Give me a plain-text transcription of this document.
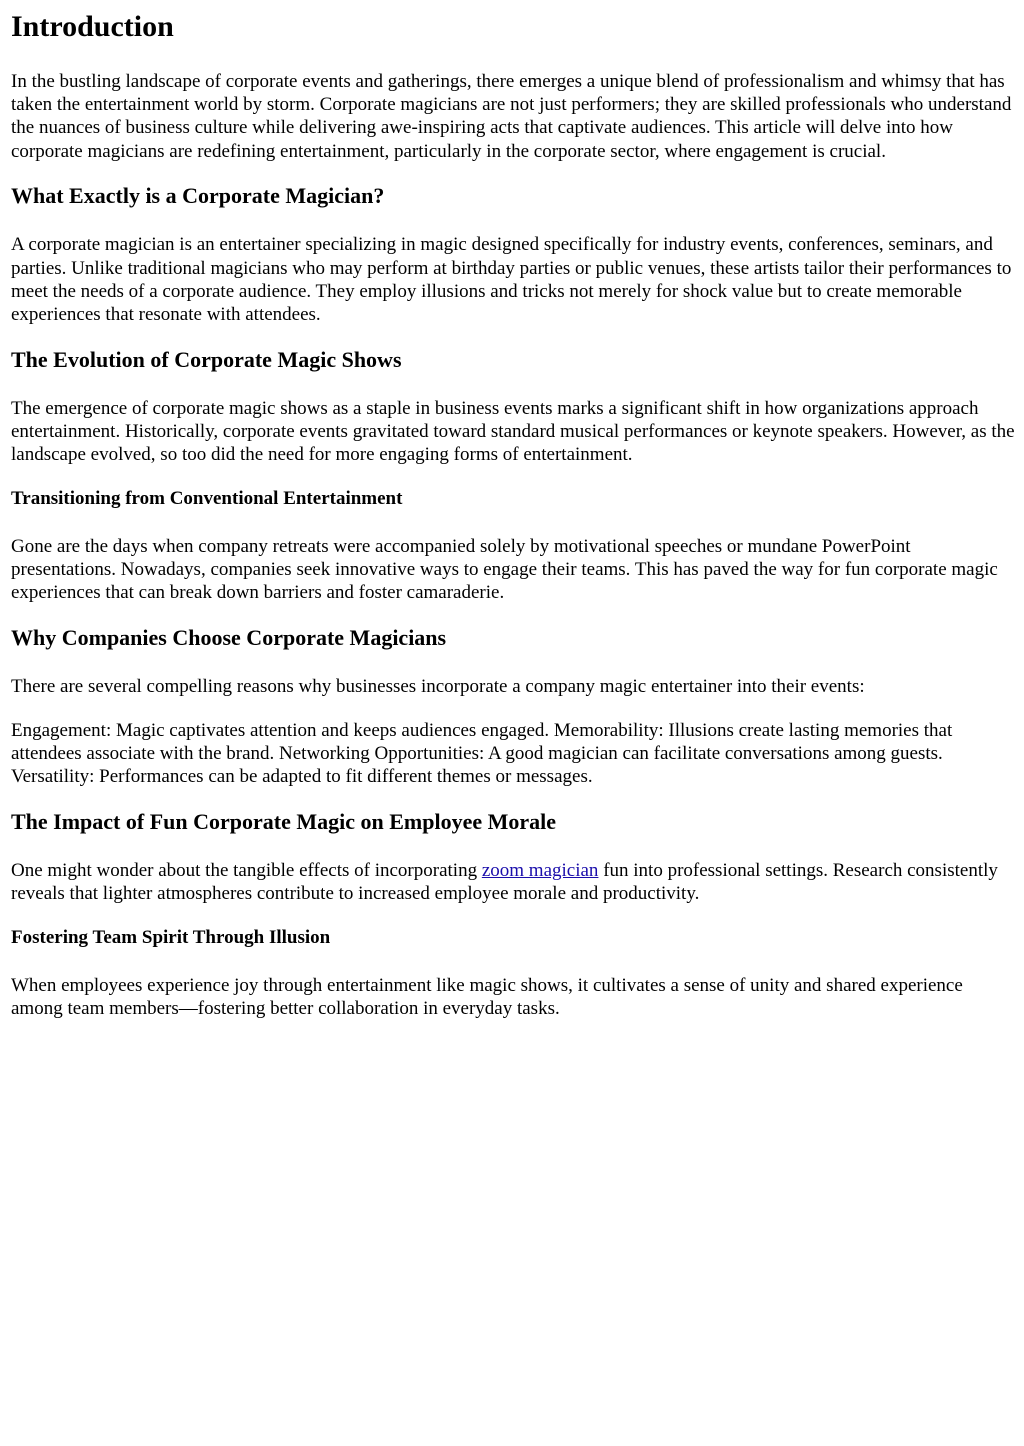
Introduction

In the bustling landscape of corporate events and gatherings, there emerges a unique blend of professionalism and whimsy that has taken the entertainment world by storm. Corporate magicians are not just performers; they are skilled professionals who understand the nuances of business culture while delivering awe-inspiring acts that captivate audiences. This article will delve into how corporate magicians are redefining entertainment, particularly in the corporate sector, where engagement is crucial.

What Exactly is a Corporate Magician?

A corporate magician is an entertainer specializing in magic designed specifically for industry events, conferences, seminars, and parties. Unlike traditional magicians who may perform at birthday parties or public venues, these artists tailor their performances to meet the needs of a corporate audience. They employ illusions and tricks not merely for shock value but to create memorable experiences that resonate with attendees.

The Evolution of Corporate Magic Shows

The emergence of corporate magic shows as a staple in business events marks a significant shift in how organizations approach entertainment. Historically, corporate events gravitated toward standard musical performances or keynote speakers. However, as the landscape evolved, so too did the need for more engaging forms of entertainment.

Transitioning from Conventional Entertainment

Gone are the days when company retreats were accompanied solely by motivational speeches or mundane PowerPoint presentations. Nowadays, companies seek innovative ways to engage their teams. This has paved the way for fun corporate magic experiences that can break down barriers and foster camaraderie.

Why Companies Choose Corporate Magicians

There are several compelling reasons why businesses incorporate a company magic entertainer into their events:

Engagement: Magic captivates attention and keeps audiences engaged. Memorability: Illusions create lasting memories that attendees associate with the brand. Networking Opportunities: A good magician can facilitate conversations among guests. Versatility: Performances can be adapted to fit different themes or messages.

The Impact of Fun Corporate Magic on Employee Morale

One might wonder about the tangible effects of incorporating zoom magician fun into professional settings. Research consistently reveals that lighter atmospheres contribute to increased employee morale and productivity.

Fostering Team Spirit Through Illusion

When employees experience joy through entertainment like magic shows, it cultivates a sense of unity and shared experience among team members—fostering better collaboration in everyday tasks.
